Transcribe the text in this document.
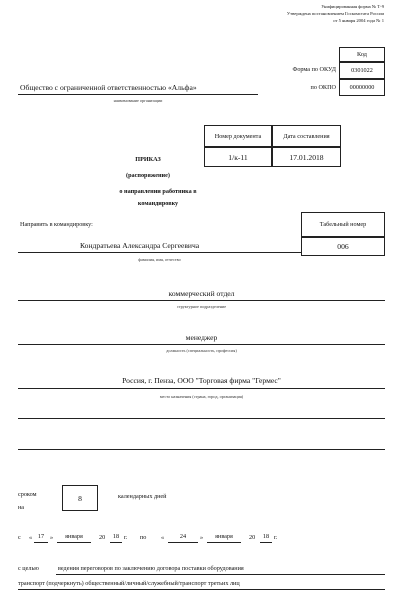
Унифицированная форма № Т-9
Утверждена постановлением Госкомстата России
от 5 января 2004 года № 1
Код
Форма по ОКУД	0301022
по ОКПО	00000000
Общество с ограниченной ответственностью «Альфа»
наименование организации
Номер документа	Дата составления
1/к-11	17.01.2018
ПРИКАЗ
(распоряжение)
о направлении работника в
командировку
Направить в командировку:	Табельный номер
006
Кондратьева Александра Сергеевича
фамилия, имя, отчество
коммерческий отдел
структурное подразделение
менеджер
должность (специальность, профессия)
Россия, г. Пенза, ООО "Торговая фирма "Гермес"
место назначения (страна, город, организация)
сроком
на
8	календарных дней
с « 17 »	января	20	18 г. по «	24	»	января	20	18 г.
с целью	ведения переговоров по заключению договора поставки оборудования
транспорт (подчеркнуть) общественный/личный/служебный/транспорт третьих лиц
